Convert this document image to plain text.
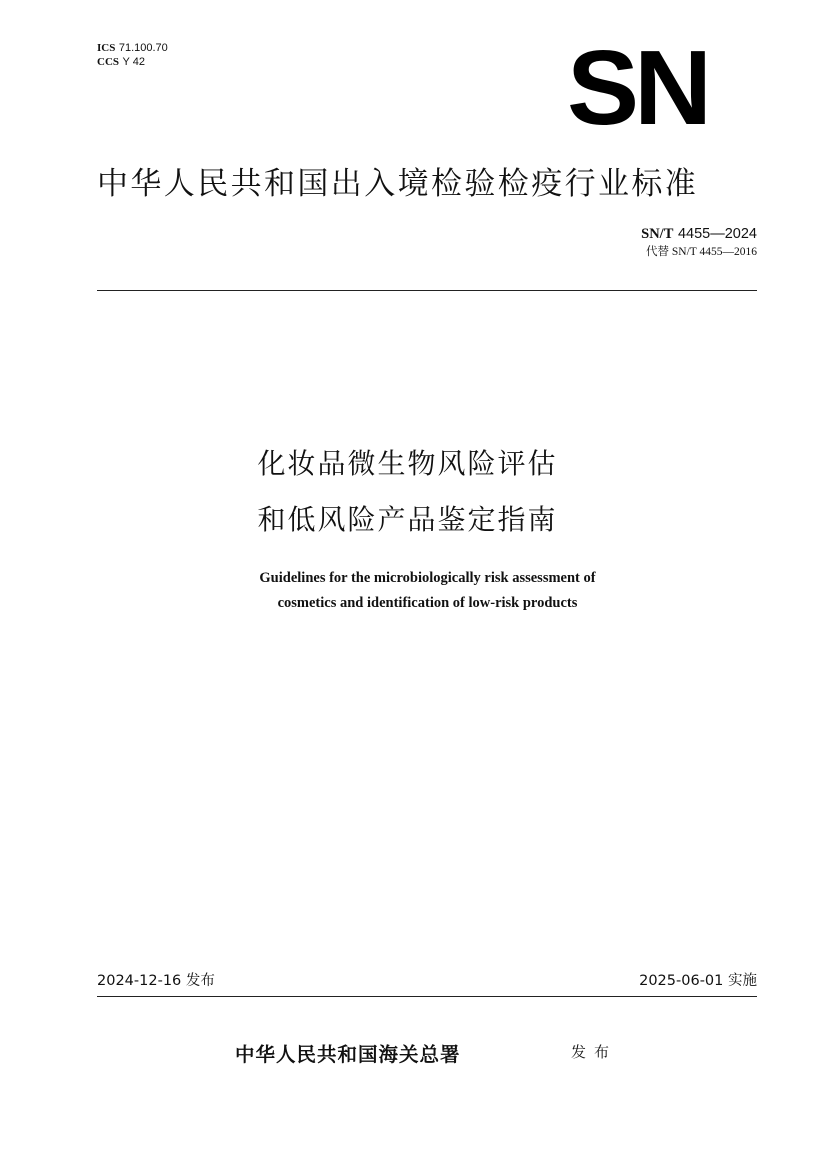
ICS 71.100.70
CCS Y 42	SN
中华人民共和国出入境检验检疫行业标准
SN/T 4455—2024
代替 SN/T 4455—2016
化妆品微生物风险评估
和低风险产品鉴定指南
Guidelines for the microbiologically risk assessment of
cosmetics and identification of low-risk products
2024-12-16 发布	2025-06-01 实施
中华人民共和国海关总署	发布
